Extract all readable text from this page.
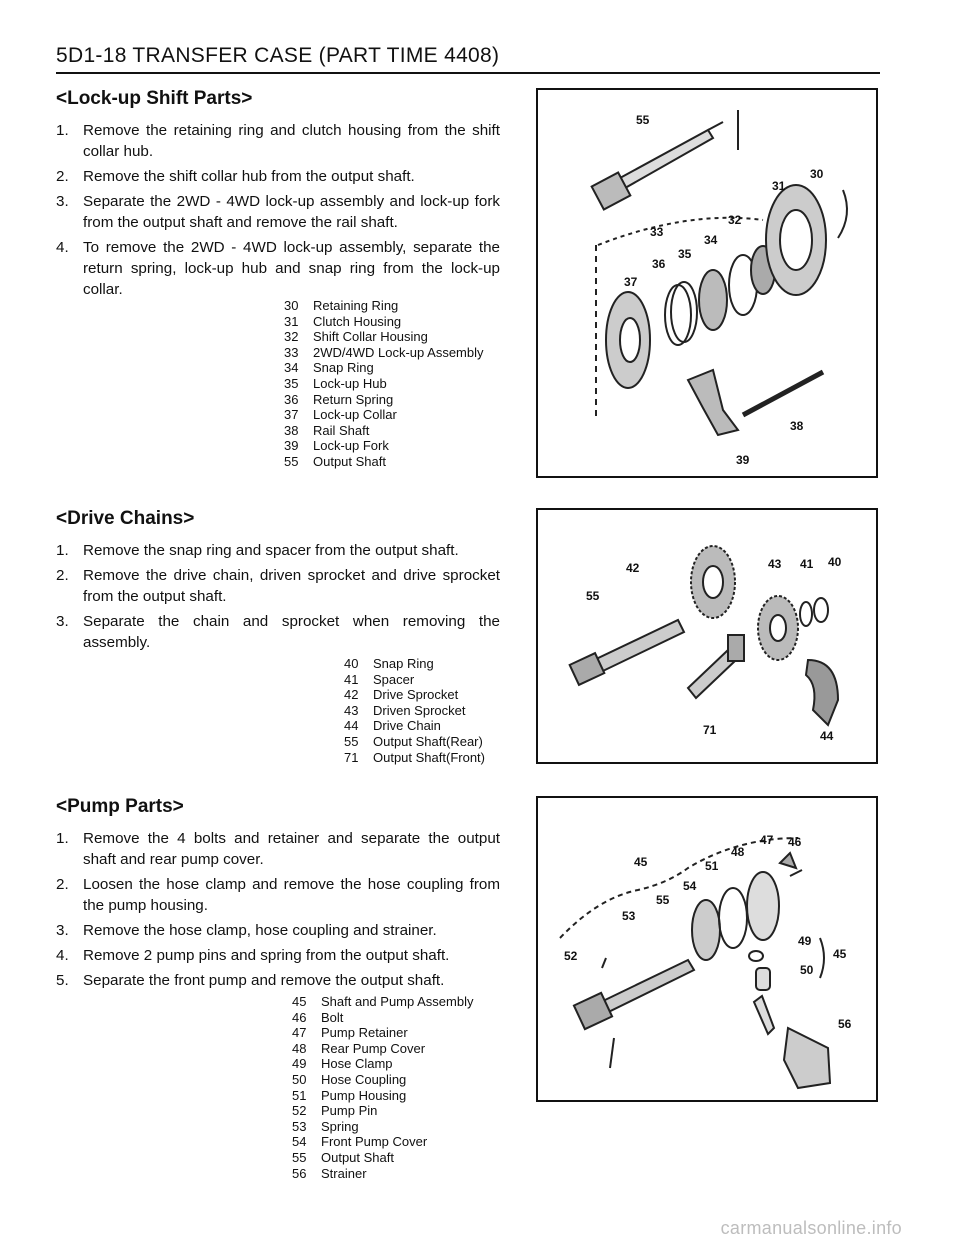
5D1-18 TRANSFER CASE (PART TIME 4408)
<Lock-up Shift Parts>
1. Remove the retaining ring and clutch housing from the shift collar hub.
2. Remove the shift collar hub from the output shaft.
3. Separate the 2WD - 4WD lock-up assembly and lock-up fork from the output shaft and remove the rail shaft.
4. To remove the 2WD - 4WD lock-up assembly, separate the return spring, lock-up hub and snap ring from the lock-up collar.
30	Retaining Ring
31	Clutch Housing
32	Shift Collar Housing
33	2WD/4WD Lock-up Assembly
34	Snap Ring
35	Lock-up Hub
36	Return Spring
37	Lock-up Collar
38	Rail Shaft
39	Lock-up Fork
55	Output Shaft
55
30
31
32
33
34
35
36
37
38
39
<Drive Chains>
1. Remove the snap ring and spacer from the output shaft.
2. Remove the drive chain, driven sprocket and drive sprocket from the output shaft.
3. Separate the chain and sprocket when removing the assembly.
40	Snap Ring
41	Spacer
42	Drive Sprocket
43	Driven Sprocket
44	Drive Chain
55	Output Shaft(Rear)
71	Output Shaft(Front)
42	43 41 40
55
71	44
<Pump Parts>
1. Remove the 4 bolts and retainer and separate the output shaft and rear pump cover.
2. Loosen the hose clamp and remove the hose coupling from the pump housing.
3. Remove the hose clamp, hose coupling and strainer.
4. Remove 2 pump pins and spring from the output shaft.
5. Separate the front pump and remove the output shaft.
45	Shaft and Pump Assembly
46	Bolt
47	Pump Retainer
48	Rear Pump Cover
49	Hose Clamp
50	Hose Coupling
51	Pump Housing
52	Pump Pin
53	Spring
54	Front Pump Cover
55	Output Shaft
56	Strainer
45
47 46
48
51
54
55
53
52
49
45
50
56
carmanualsonline.info
